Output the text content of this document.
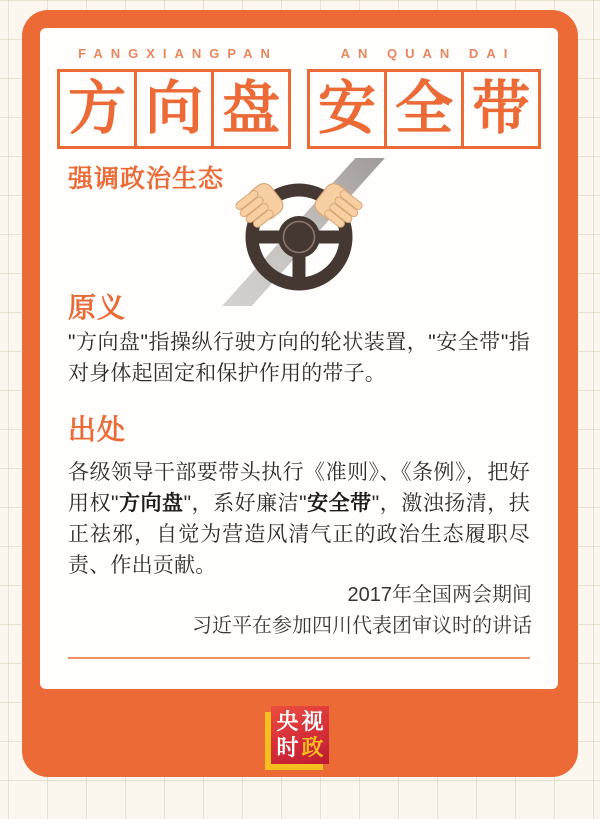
FANGXIANGPAN
方 向 盘
AN QUAN DAI
安 全 带
强调政治生态
原义

"方向盘"指操纵行驶方向的轮状装置，"安全带"指对身体起固定和保护作用的带子。

出处

各级领导干部要带头执行《准则》、《条例》，把好用权"方向盘"，系好廉洁"安全带"，激浊扬清，扶正祛邪，自觉为营造风清气正的政治生态履职尽责、作出贡献。

2017年全国两会期间
习近平在参加四川代表团审议时的讲话
央视
时政
